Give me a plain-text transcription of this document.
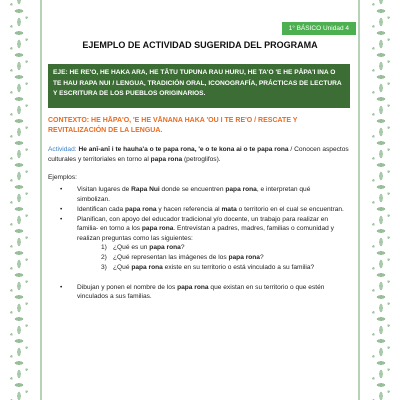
1° BÁSICO Unidad 4
EJEMPLO DE ACTIVIDAD SUGERIDA DEL PROGRAMA
EJE: HE RE'O, HE HAKA ARA, HE TĀTU TUPUNA RAU HURU, HE TA'O 'E HE PĀPA'I INA O TE HAU RAPA NUI / LENGUA, TRADICIÓN ORAL, ICONOGRAFÍA, PRÁCTICAS DE LECTURA Y ESCRITURA DE LOS PUEBLOS ORIGINARIOS.
CONTEXTO: HE HĀPA'O, 'E HE VĀNANA HAKA 'OU I TE RE'O / RESCATE Y REVITALIZACIÓN DE LA LENGUA.

Actividad: He anī-anī i te hauha'a o te papa rona, 'e o te kona ai o te papa rona / Conocen aspectos culturales y territoriales en torno al papa rona (petroglifos).

Ejemplos:
• Visitan lugares de Rapa Nui donde se encuentren papa rona, e interpretan qué simbolizan.
• Identifican cada papa rona y hacen referencia al mata o territorio en el cual se encuentran.
• Planifican, con apoyo del educador tradicional y/o docente, un trabajo para realizar en familia- en torno a los papa rona. Entrevistan a padres, madres, familias o comunidad y realizan preguntas como las siguientes:
1) ¿Qué es un papa rona?
2) ¿Qué representan las imágenes de los papa rona?
3) ¿Qué papa rona existe en su territorio o está vinculado a su familia?
• Dibujan y ponen el nombre de los papa rona que existan en su territorio o que estén vinculados a sus familias.
